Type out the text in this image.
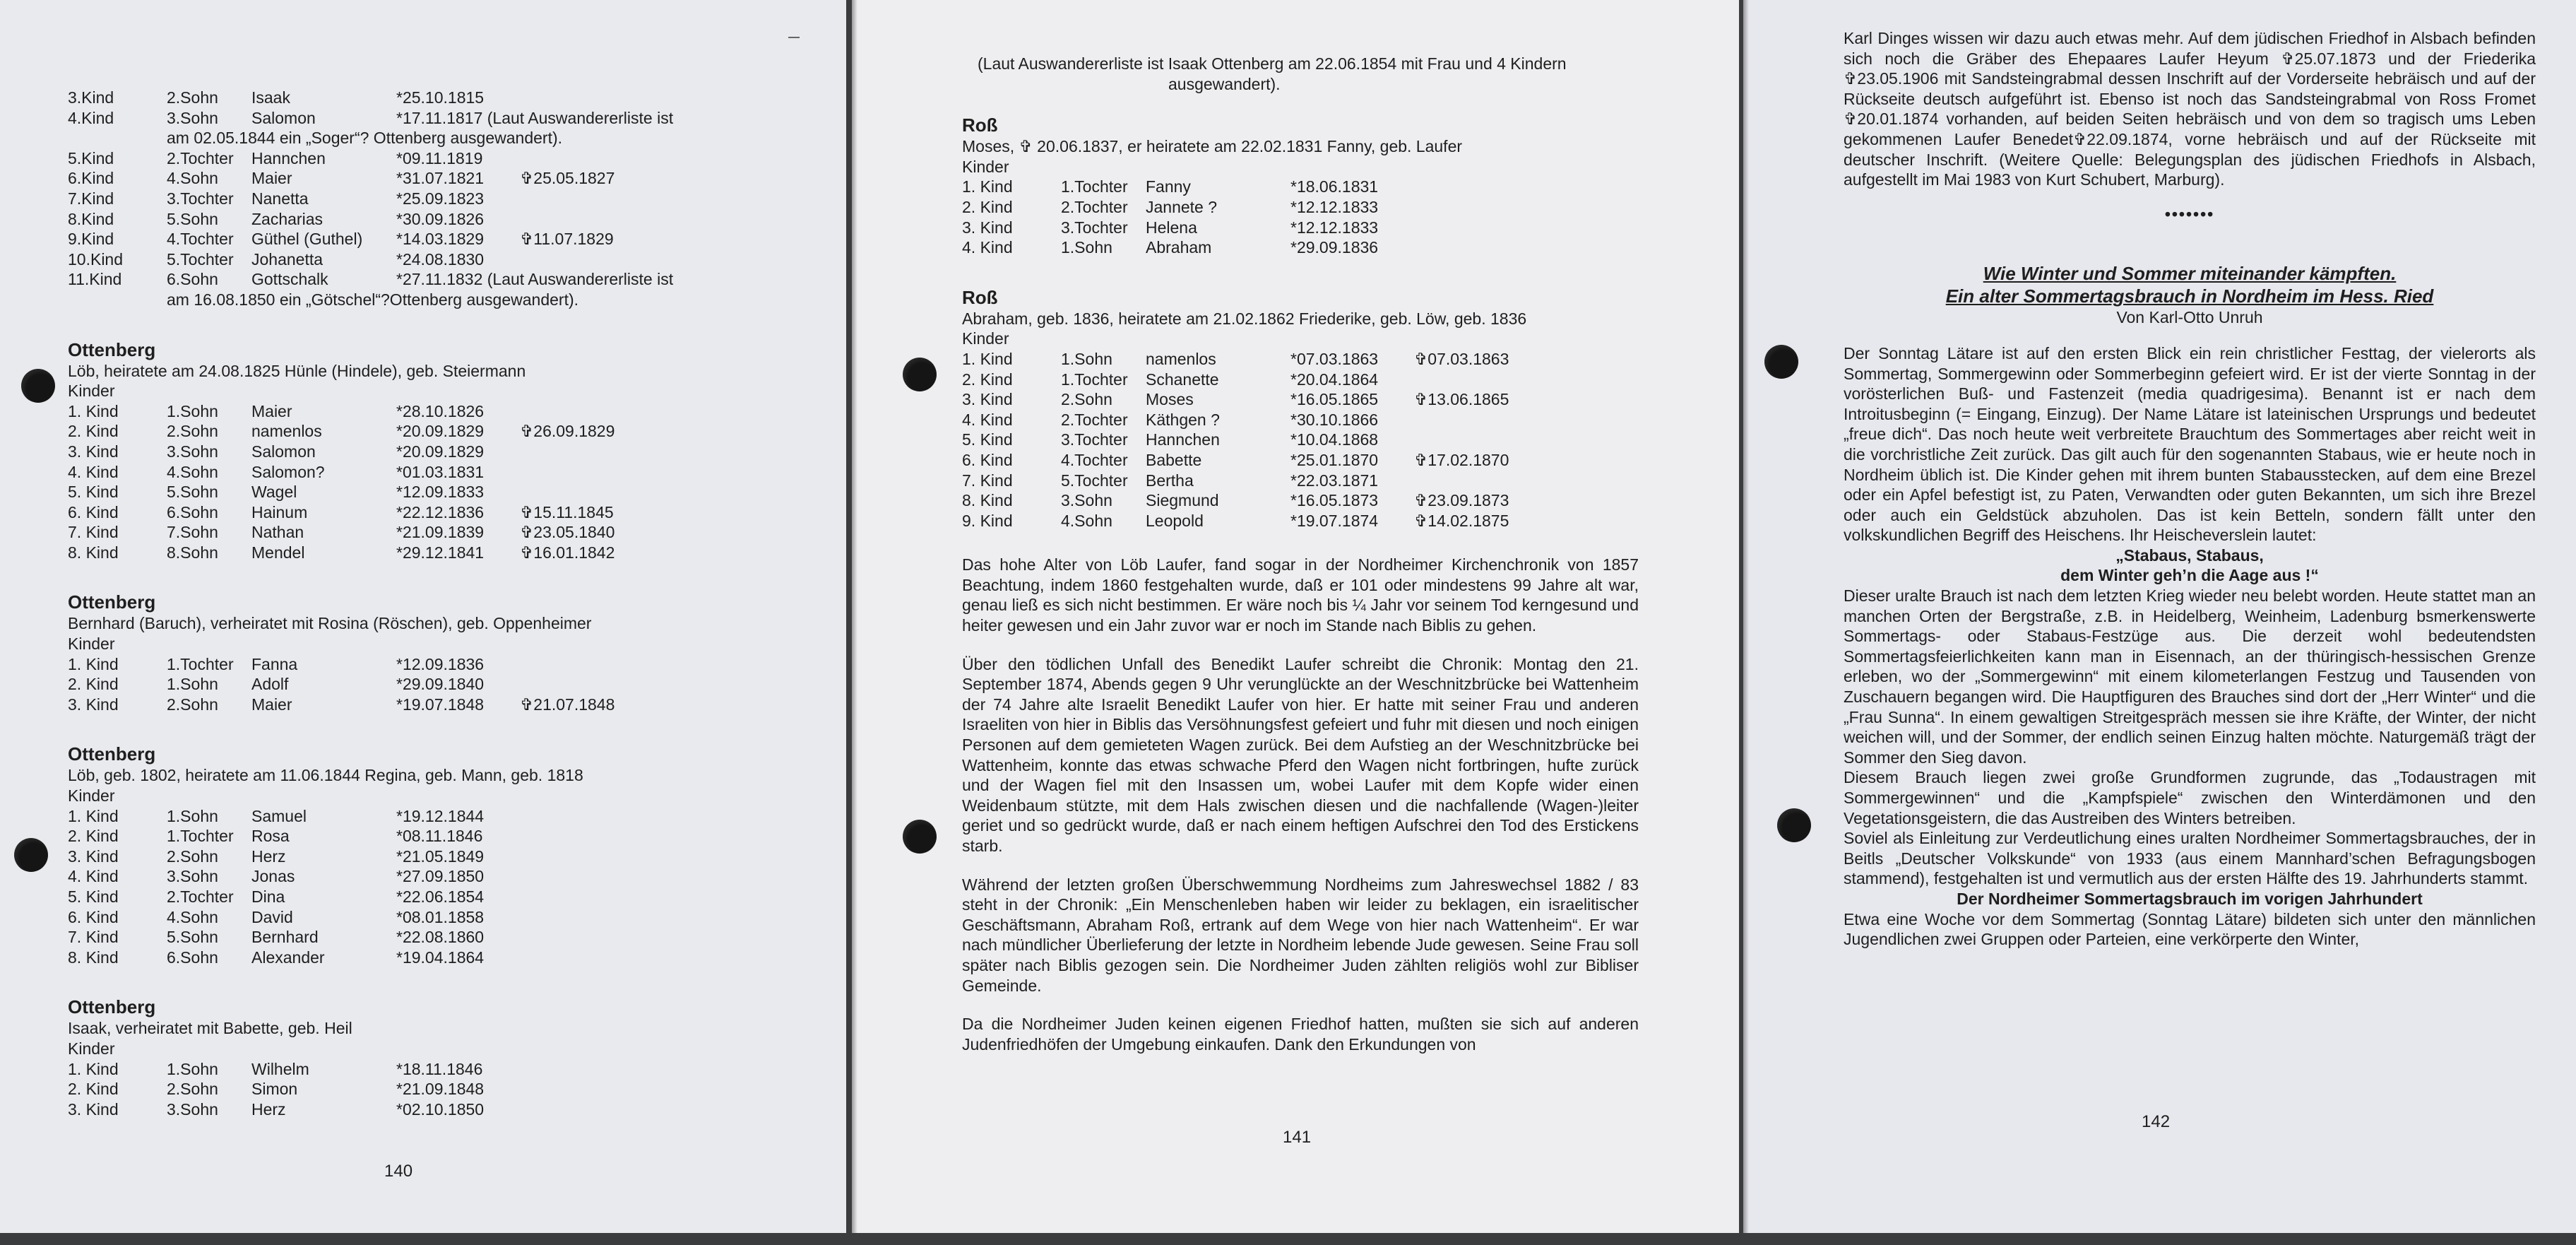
3.Kind	2.Sohn	Isaak	*25.10.1815
4.Kind	3.Sohn	Salomon	*17.11.1817 (Laut Auswandererliste ist
am 02.05.1844 ein „Soger“? Ottenberg ausgewandert).
5.Kind	2.Tochter	Hannchen	*09.11.1819
6.Kind	4.Sohn	Maier	*31.07.1821	✞25.05.1827
7.Kind	3.Tochter	Nanetta	*25.09.1823
8.Kind	5.Sohn	Zacharias	*30.09.1826
9.Kind	4.Tochter	Güthel (Guthel)	*14.03.1829	✞11.07.1829
10.Kind	5.Tochter	Johanetta	*24.08.1830
11.Kind	6.Sohn	Gottschalk	*27.11.1832 (Laut Auswandererliste ist
am 16.08.1850 ein „Götschel“?Ottenberg ausgewandert).
Ottenberg
Löb, heiratete am 24.08.1825 Hünle (Hindele), geb. Steiermann
Kinder
1. Kind	1.Sohn	Maier	*28.10.1826
2. Kind	2.Sohn	namenlos	*20.09.1829	✞26.09.1829
3. Kind	3.Sohn	Salomon	*20.09.1829
4. Kind	4.Sohn	Salomon?	*01.03.1831
5. Kind	5.Sohn	Wagel	*12.09.1833
6. Kind	6.Sohn	Hainum	*22.12.1836	✞15.11.1845
7. Kind	7.Sohn	Nathan	*21.09.1839	✞23.05.1840
8. Kind	8.Sohn	Mendel	*29.12.1841	✞16.01.1842
Ottenberg
Bernhard (Baruch), verheiratet mit Rosina (Röschen), geb. Oppenheimer
Kinder
1. Kind	1.Tochter	Fanna	*12.09.1836
2. Kind	1.Sohn	Adolf	*29.09.1840
3. Kind	2.Sohn	Maier	*19.07.1848	✞21.07.1848
Ottenberg
Löb, geb. 1802, heiratete am 11.06.1844 Regina, geb. Mann, geb. 1818
Kinder
1. Kind	1.Sohn	Samuel	*19.12.1844
2. Kind	1.Tochter	Rosa	*08.11.1846
3. Kind	2.Sohn	Herz	*21.05.1849
4. Kind	3.Sohn	Jonas	*27.09.1850
5. Kind	2.Tochter	Dina	*22.06.1854
6. Kind	4.Sohn	David	*08.01.1858
7. Kind	5.Sohn	Bernhard	*22.08.1860
8. Kind	6.Sohn	Alexander	*19.04.1864
Ottenberg
Isaak, verheiratet mit Babette, geb. Heil
Kinder
1. Kind	1.Sohn	Wilhelm	*18.11.1846
2. Kind	2.Sohn	Simon	*21.09.1848
3. Kind	3.Sohn	Herz	*02.10.1850
140
(Laut Auswandererliste ist Isaak Ottenberg am 22.06.1854 mit Frau und 4 Kindern
ausgewandert).
Roß
Moses, ✞ 20.06.1837, er heiratete am 22.02.1831 Fanny, geb. Laufer
Kinder
1. Kind	1.Tochter	Fanny	*18.06.1831
2. Kind	2.Tochter	Jannete ?	*12.12.1833
3. Kind	3.Tochter	Helena	*12.12.1833
4. Kind	1.Sohn	Abraham	*29.09.1836
Roß
Abraham, geb. 1836, heiratete am 21.02.1862 Friederike, geb. Löw, geb. 1836
Kinder
1. Kind	1.Sohn	namenlos	*07.03.1863	✞07.03.1863
2. Kind	1.Tochter	Schanette	*20.04.1864
3. Kind	2.Sohn	Moses	*16.05.1865	✞13.06.1865
4. Kind	2.Tochter	Käthgen ?	*30.10.1866
5. Kind	3.Tochter	Hannchen	*10.04.1868
6. Kind	4.Tochter	Babette	*25.01.1870	✞17.02.1870
7. Kind	5.Tochter	Bertha	*22.03.1871
8. Kind	3.Sohn	Siegmund	*16.05.1873	✞23.09.1873
9. Kind	4.Sohn	Leopold	*19.07.1874	✞14.02.1875

Das hohe Alter von Löb Laufer, fand sogar in der Nordheimer Kirchenchronik von 1857 Beachtung, indem 1860 festgehalten wurde, daß er 101 oder mindestens 99 Jahre alt war, genau ließ es sich nicht bestimmen. Er wäre noch bis ¼ Jahr vor seinem Tod kerngesund und heiter gewesen und ein Jahr zuvor war er noch im Stande nach Biblis zu gehen.

Über den tödlichen Unfall des Benedikt Laufer schreibt die Chronik: Montag den 21. September 1874, Abends gegen 9 Uhr verunglückte an der Weschnitzbrücke bei Wattenheim der 74 Jahre alte Israelit Benedikt Laufer von hier. Er hatte mit seiner Frau und anderen Israeliten von hier in Biblis das Versöhnungsfest gefeiert und fuhr mit diesen und noch einigen Personen auf dem gemieteten Wagen zurück. Bei dem Aufstieg an der Weschnitzbrücke bei Wattenheim, konnte das etwas schwache Pferd den Wagen nicht fortbringen, hufte zurück und der Wagen fiel mit den Insassen um, wobei Laufer mit dem Kopfe wider einen Weidenbaum stützte, mit dem Hals zwischen diesen und die nachfallende (Wagen-)leiter geriet und so gedrückt wurde, daß er nach einem heftigen Aufschrei den Tod des Erstickens starb.

Während der letzten großen Überschwemmung Nordheims zum Jahreswechsel 1882 / 83 steht in der Chronik: „Ein Menschenleben haben wir leider zu beklagen, ein israelitischer Geschäftsmann, Abraham Roß, ertrank auf dem Wege von hier nach Wattenheim“. Er war nach mündlicher Überlieferung der letzte in Nordheim lebende Jude gewesen. Seine Frau soll später nach Biblis gezogen sein. Die Nordheimer Juden zählten religiös wohl zur Bibliser Gemeinde.

Da die Nordheimer Juden keinen eigenen Friedhof hatten, mußten sie sich auf anderen Judenfriedhöfen der Umgebung einkaufen. Dank den Erkundungen von

141

Karl Dinges wissen wir dazu auch etwas mehr. Auf dem jüdischen Friedhof in Alsbach befinden sich noch die Gräber des Ehepaares Laufer Heyum ✞25.07.1873 und der Friederika ✞23.05.1906 mit Sandsteingrabmal dessen Inschrift auf der Vorderseite hebräisch und auf der Rückseite deutsch aufgeführt ist. Ebenso ist noch das Sandsteingrabmal von Ross Fromet ✞20.01.1874 vorhanden, auf beiden Seiten hebräisch und von dem so tragisch ums Leben gekommenen Laufer Benedet✞22.09.1874, vorne hebräisch und auf der Rückseite mit deutscher Inschrift. (Weitere Quelle: Belegungsplan des jüdischen Friedhofs in Alsbach, aufgestellt im Mai 1983 von Kurt Schubert, Marburg).

•••••••
Wie Winter und Sommer miteinander kämpften.
Ein alter Sommertagsbrauch in Nordheim im Hess. Ried
Von Karl-Otto Unruh

Der Sonntag Lätare ist auf den ersten Blick ein rein christlicher Festtag, der vielerorts als Sommertag, Sommergewinn oder Sommerbeginn gefeiert wird. Er ist der vierte Sonntag in der vorösterlichen Buß- und Fastenzeit (media quadrigesima). Benannt ist er nach dem Introitusbeginn (= Eingang, Einzug). Der Name Lätare ist lateinischen Ursprungs und bedeutet „freue dich“. Das noch heute weit verbreitete Brauchtum des Sommertages aber reicht weit in die vorchristliche Zeit zurück. Das gilt auch für den sogenannten Stabaus, wie er heute noch in Nordheim üblich ist. Die Kinder gehen mit ihrem bunten Stabausstecken, auf dem eine Brezel oder ein Apfel befestigt ist, zu Paten, Verwandten oder guten Bekannten, um sich ihre Brezel oder auch ein Geldstück abzuholen. Das ist kein Betteln, sondern fällt unter den volkskundlichen Begriff des Heischens. Ihr Heischeverslein lautet:

„Stabaus, Stabaus,
dem Winter geh’n die Aage aus !“

Dieser uralte Brauch ist nach dem letzten Krieg wieder neu belebt worden. Heute stattet man an manchen Orten der Bergstraße, z.B. in Heidelberg, Weinheim, Ladenburg bsmerkenswerte Sommertags- oder Stabaus-Festzüge aus. Die derzeit wohl bedeutendsten Sommertagsfeierlichkeiten kann man in Eisennach, an der thüringisch-hessischen Grenze erleben, wo der „Sommergewinn“ mit einem kilometerlangen Festzug und Tausenden von Zuschauern begangen wird. Die Hauptfiguren des Brauches sind dort der „Herr Winter“ und die „Frau Sunna“. In einem gewaltigen Streitgespräch messen sie ihre Kräfte, der Winter, der nicht weichen will, und der Sommer, der endlich seinen Einzug halten möchte. Naturgemäß trägt der Sommer den Sieg davon.

Diesem Brauch liegen zwei große Grundformen zugrunde, das „Todaustragen mit Sommergewinnen“ und die „Kampfspiele“ zwischen den Winterdämonen und den Vegetationsgeistern, die das Austreiben des Winters betreiben.

Soviel als Einleitung zur Verdeutlichung eines uralten Nordheimer Sommertagsbrauches, der in Beitls „Deutscher Volkskunde“ von 1933 (aus einem Mannhard’schen Befragungsbogen stammend), festgehalten ist und vermutlich aus der ersten Hälfte des 19. Jahrhunderts stammt.

Der Nordheimer Sommertagsbrauch im vorigen Jahrhundert

Etwa eine Woche vor dem Sommertag (Sonntag Lätare) bildeten sich unter den männlichen Jugendlichen zwei Gruppen oder Parteien, eine verkörperte den Winter,

142
